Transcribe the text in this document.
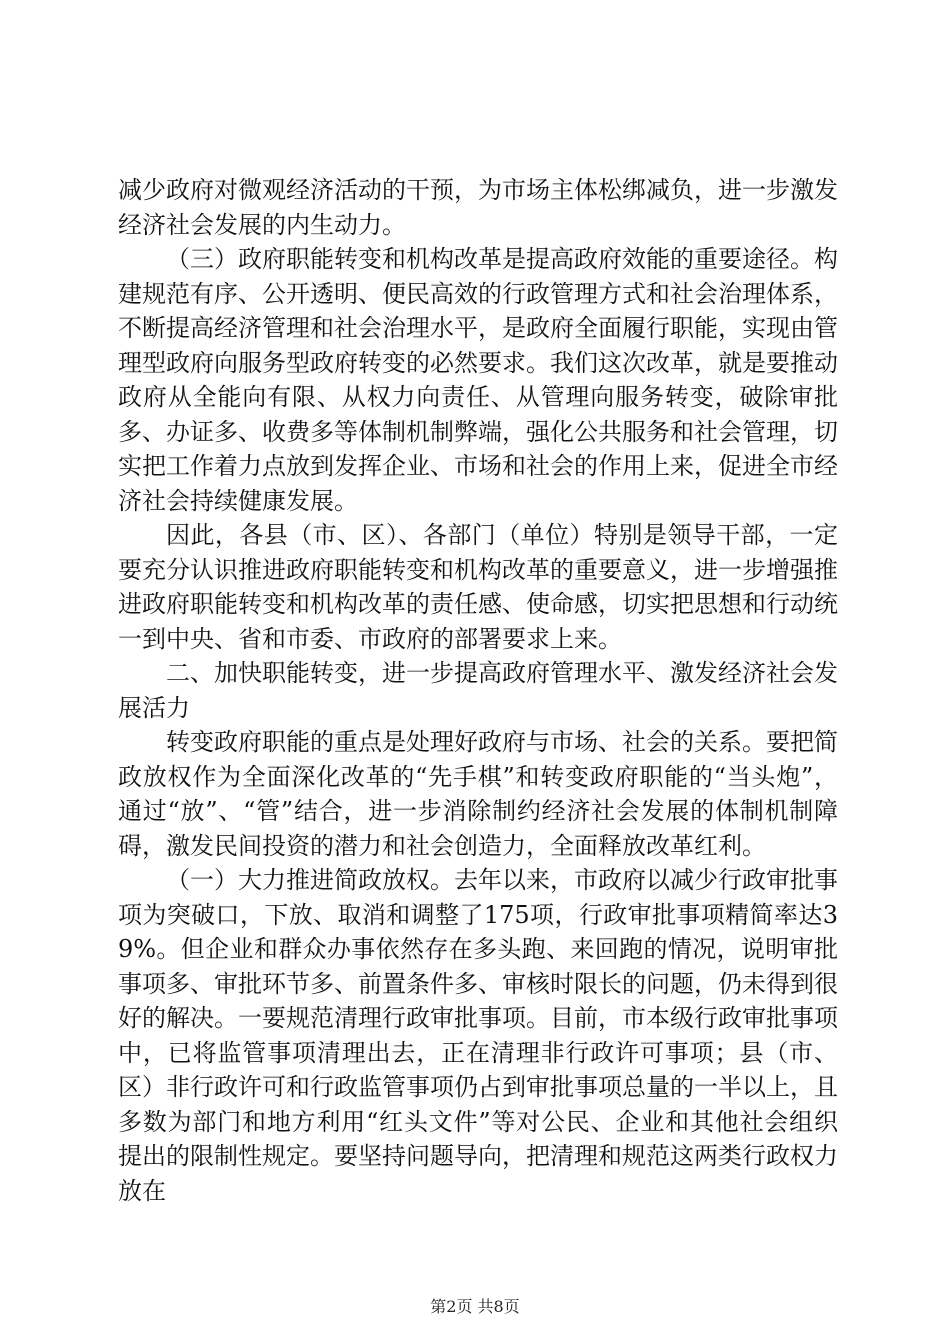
减少政府对微观经济活动的干预，为市场主体松绑减负，进一步激发经济社会发展的内生动力。

（三）政府职能转变和机构改革是提高政府效能的重要途径。构建规范有序、公开透明、便民高效的行政管理方式和社会治理体系，不断提高经济管理和社会治理水平，是政府全面履行职能，实现由管理型政府向服务型政府转变的必然要求。我们这次改革，就是要推动政府从全能向有限、从权力向责任、从管理向服务转变，破除审批多、办证多、收费多等体制机制弊端，强化公共服务和社会管理，切实把工作着力点放到发挥企业、市场和社会的作用上来，促进全市经济社会持续健康发展。

因此，各县（市、区）、各部门（单位）特别是领导干部，一定要充分认识推进政府职能转变和机构改革的重要意义，进一步增强推进政府职能转变和机构改革的责任感、使命感，切实把思想和行动统一到中央、省和市委、市政府的部署要求上来。

二、加快职能转变，进一步提高政府管理水平、激发经济社会发展活力

转变政府职能的重点是处理好政府与市场、社会的关系。要把简政放权作为全面深化改革的“先手棋”和转变政府职能的“当头炮”，通过“放”、“管”结合，进一步消除制约经济社会发展的体制机制障碍，激发民间投资的潜力和社会创造力，全面释放改革红利。

（一）大力推进简政放权。去年以来，市政府以减少行政审批事项为突破口，下放、取消和调整了175项，行政审批事项精简率达39%。但企业和群众办事依然存在多头跑、来回跑的情况，说明审批事项多、审批环节多、前置条件多、审核时限长的问题，仍未得到很好的解决。一要规范清理行政审批事项。目前，市本级行政审批事项中，已将监管事项清理出去，正在清理非行政许可事项；县（市、区）非行政许可和行政监管事项仍占到审批事项总量的一半以上，且多数为部门和地方利用“红头文件”等对公民、企业和其他社会组织提出的限制性规定。要坚持问题导向，把清理和规范这两类行政权力放在

第2页 共8页
